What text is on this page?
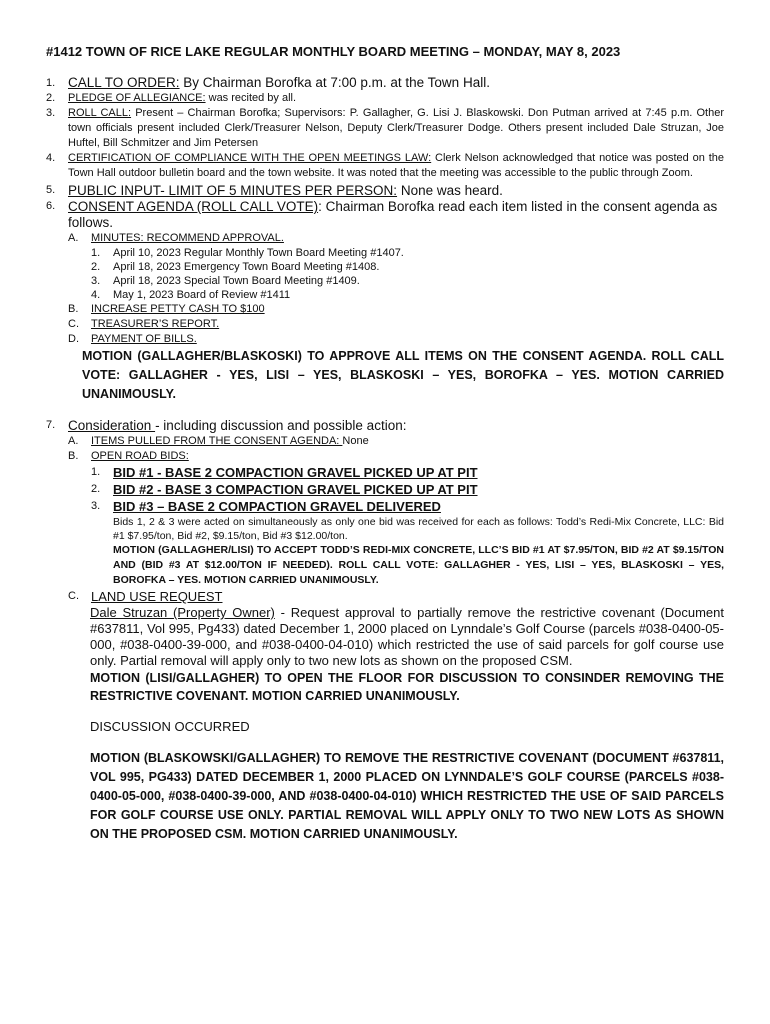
#1412 TOWN OF RICE LAKE REGULAR MONTHLY BOARD MEETING – MONDAY, MAY 8, 2023
1. CALL TO ORDER: By Chairman Borofka at 7:00 p.m. at the Town Hall.
2.	PLEDGE OF ALLEGIANCE: was recited by all.
3.	ROLL CALL: Present – Chairman Borofka; Supervisors: P. Gallagher, G. Lisi J. Blaskowski. Don Putman arrived at 7:45 p.m. Other town officials present included Clerk/Treasurer Nelson, Deputy Clerk/Treasurer Dodge. Others present included Dale Struzan, Joe Huftel, Bill Schmitzer and Jim Petersen
4.	CERTIFICATION OF COMPLIANCE WITH THE OPEN MEETINGS LAW: Clerk Nelson acknowledged that notice was posted on the Town Hall outdoor bulletin board and the town website. It was noted that the meeting was accessible to the public through Zoom.
5. PUBLIC INPUT- LIMIT OF 5 MINUTES PER PERSON: None was heard.
6. CONSENT AGENDA (ROLL CALL VOTE): Chairman Borofka read each item listed in the consent agenda as follows.
A.	MINUTES: RECOMMEND APPROVAL.
1.	April 10, 2023 Regular Monthly Town Board Meeting #1407.
2.	April 18, 2023 Emergency Town Board Meeting #1408.
3.	April 18, 2023 Special Town Board Meeting #1409.
4.	May 1, 2023 Board of Review #1411
B.	INCREASE PETTY CASH TO $100
C.	TREASURER’S REPORT.
D.	PAYMENT OF BILLS.
MOTION (GALLAGHER/BLASKOSKI) TO APPROVE ALL ITEMS ON THE CONSENT AGENDA. ROLL CALL VOTE: GALLAGHER - YES, LISI – YES, BLASKOSKI – YES, BOROFKA – YES. MOTION CARRIED UNANIMOUSLY.
7. Consideration - including discussion and possible action:
A.	ITEMS PULLED FROM THE CONSENT AGENDA: None
B.	OPEN ROAD BIDS:
1. BID #1 - BASE 2 COMPACTION GRAVEL PICKED UP AT PIT
2. BID #2 - BASE 3 COMPACTION GRAVEL PICKED UP AT PIT
3. BID #3 – BASE 2 COMPACTION GRAVEL DELIVERED
Bids 1, 2 & 3 were acted on simultaneously as only one bid was received for each as follows: Todd’s Redi-Mix Concrete, LLC: Bid #1 $7.95/ton, Bid #2, $9.15/ton, Bid #3 $12.00/ton.
MOTION (GALLAGHER/LISI) TO ACCEPT TODD’S REDI-MIX CONCRETE, LLC’S BID #1 AT $7.95/TON, BID #2 AT $9.15/TON AND (BID #3 AT $12.00/TON IF NEEDED). ROLL CALL VOTE: GALLAGHER - YES, LISI – YES, BLASKOSKI – YES, BOROFKA – YES. MOTION CARRIED UNANIMOUSLY.
C. LAND USE REQUEST
Dale Struzan (Property Owner) - Request approval to partially remove the restrictive covenant (Document #637811, Vol 995, Pg433) dated December 1, 2000 placed on Lynndale’s Golf Course (parcels #038-0400-05-000, #038-0400-39-000, and #038-0400-04-010) which restricted the use of said parcels for golf course use only. Partial removal will apply only to two new lots as shown on the proposed CSM.
MOTION (LISI/GALLAGHER) TO OPEN THE FLOOR FOR DISCUSSION TO CONSINDER REMOVING THE RESTRICTIVE COVENANT. MOTION CARRIED UNANIMOUSLY.
DISCUSSION OCCURRED
MOTION (BLASKOWSKI/GALLAGHER) TO REMOVE THE RESTRICTIVE COVENANT (DOCUMENT #637811, VOL 995, PG433) DATED DECEMBER 1, 2000 PLACED ON LYNNDALE’S GOLF COURSE (PARCELS #038-0400-05-000, #038-0400-39-000, AND #038-0400-04-010) WHICH RESTRICTED THE USE OF SAID PARCELS FOR GOLF COURSE USE ONLY. PARTIAL REMOVAL WILL APPLY ONLY TO TWO NEW LOTS AS SHOWN ON THE PROPOSED CSM. MOTION CARRIED UNANIMOUSLY.
